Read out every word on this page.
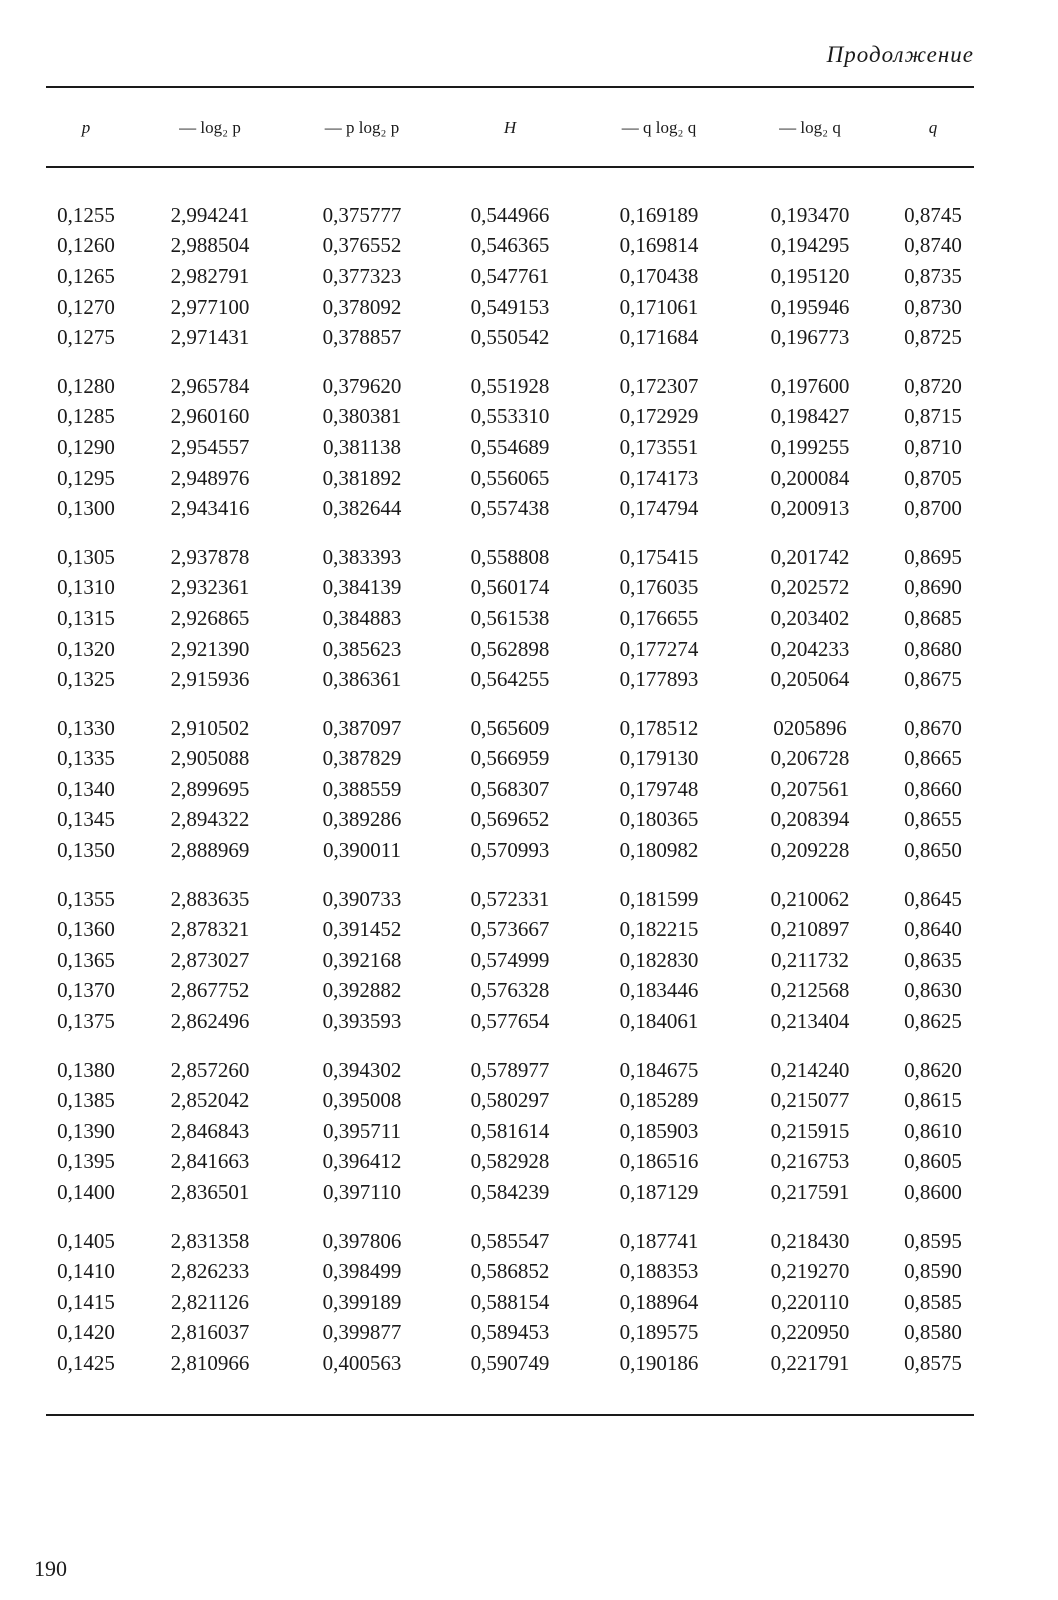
Продолжение
p	— log₂ p	— p log₂ p	H	— q log₂ q	— log₂ q	q

0,1255	2,994241	0,375777	0,544966	0,169189	0,193470	0,8745
0,1260	2,988504	0,376552	0,546365	0,169814	0,194295	0,8740
0,1265	2,982791	0,377323	0,547761	0,170438	0,195120	0,8735
0,1270	2,977100	0,378092	0,549153	0,171061	0,195946	0,8730
0,1275	2,971431	0,378857	0,550542	0,171684	0,196773	0,8725

0,1280	2,965784	0,379620	0,551928	0,172307	0,197600	0,8720
0,1285	2,960160	0,380381	0,553310	0,172929	0,198427	0,8715
0,1290	2,954557	0,381138	0,554689	0,173551	0,199255	0,8710
0,1295	2,948976	0,381892	0,556065	0,174173	0,200084	0,8705
0,1300	2,943416	0,382644	0,557438	0,174794	0,200913	0,8700

0,1305	2,937878	0,383393	0,558808	0,175415	0,201742	0,8695
0,1310	2,932361	0,384139	0,560174	0,176035	0,202572	0,8690
0,1315	2,926865	0,384883	0,561538	0,176655	0,203402	0,8685
0,1320	2,921390	0,385623	0,562898	0,177274	0,204233	0,8680
0,1325	2,915936	0,386361	0,564255	0,177893	0,205064	0,8675

0,1330	2,910502	0,387097	0,565609	0,178512	0205896	0,8670
0,1335	2,905088	0,387829	0,566959	0,179130	0,206728	0,8665
0,1340	2,899695	0,388559	0,568307	0,179748	0,207561	0,8660
0,1345	2,894322	0,389286	0,569652	0,180365	0,208394	0,8655
0,1350	2,888969	0,390011	0,570993	0,180982	0,209228	0,8650

0,1355	2,883635	0,390733	0,572331	0,181599	0,210062	0,8645
0,1360	2,878321	0,391452	0,573667	0,182215	0,210897	0,8640
0,1365	2,873027	0,392168	0,574999	0,182830	0,211732	0,8635
0,1370	2,867752	0,392882	0,576328	0,183446	0,212568	0,8630
0,1375	2,862496	0,393593	0,577654	0,184061	0,213404	0,8625

0,1380	2,857260	0,394302	0,578977	0,184675	0,214240	0,8620
0,1385	2,852042	0,395008	0,580297	0,185289	0,215077	0,8615
0,1390	2,846843	0,395711	0,581614	0,185903	0,215915	0,8610
0,1395	2,841663	0,396412	0,582928	0,186516	0,216753	0,8605
0,1400	2,836501	0,397110	0,584239	0,187129	0,217591	0,8600

0,1405	2,831358	0,397806	0,585547	0,187741	0,218430	0,8595
0,1410	2,826233	0,398499	0,586852	0,188353	0,219270	0,8590
0,1415	2,821126	0,399189	0,588154	0,188964	0,220110	0,8585
0,1420	2,816037	0,399877	0,589453	0,189575	0,220950	0,8580
0,1425	2,810966	0,400563	0,590749	0,190186	0,221791	0,8575
190
